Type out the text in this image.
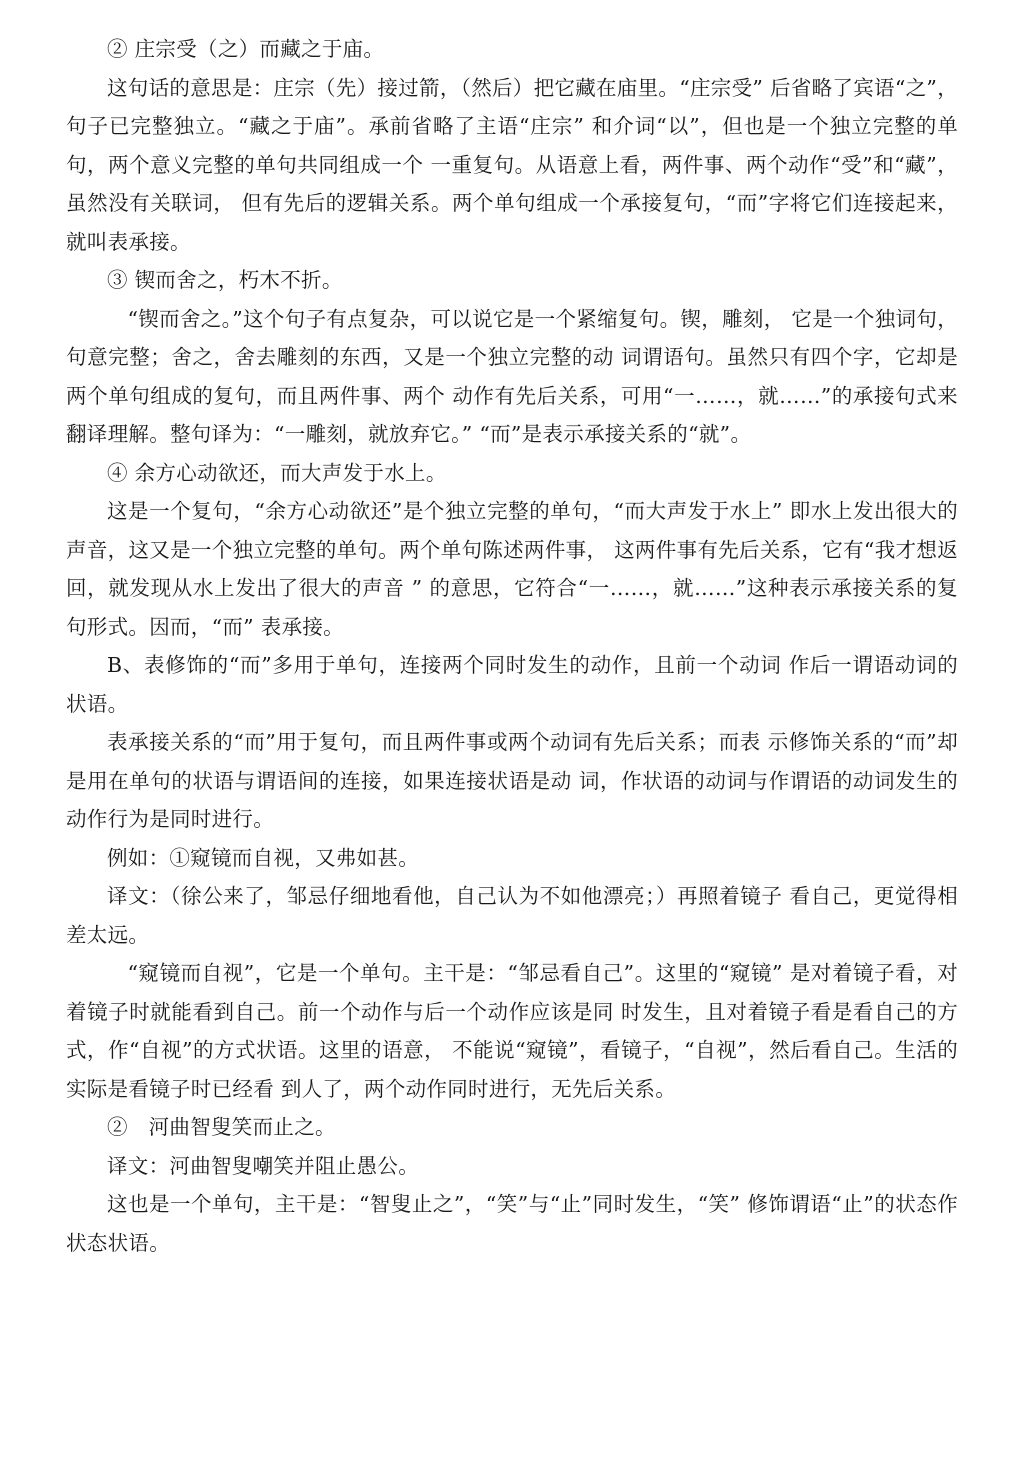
② 庄宗受（之）而藏之于庙。

这句话的意思是：庄宗（先）接过箭，（然后）把它藏在庙里。“庄宗受” 后省略了宾语“之”，句子已完整独立。“藏之于庙”。承前省略了主语“庄宗” 和介词“以”，但也是一个独立完整的单句，两个意义完整的单句共同组成一个 一重复句。从语意上看，两件事、两个动作“受”和“藏”，虽然没有关联词， 但有先后的逻辑关系。两个单句组成一个承接复句，“而”字将它们连接起来， 就叫表承接。

③ 锲而舍之，朽木不折。

“锲而舍之。”这个句子有点复杂，可以说它是一个紧缩复句。锲，雕刻， 它是一个独词句，句意完整；舍之，舍去雕刻的东西，又是一个独立完整的动 词谓语句。虽然只有四个字，它却是两个单句组成的复句，而且两件事、两个 动作有先后关系，可用“一……，就……”的承接句式来翻译理解。整句译为：“一雕刻，就放弃它。” “而”是表示承接关系的“就”。

④ 余方心动欲还，而大声发于水上。

这是一个复句，“余方心动欲还”是个独立完整的单句，“而大声发于水上” 即水上发出很大的声音，这又是一个独立完整的单句。两个单句陈述两件事， 这两件事有先后关系，它有“我才想返回，就发现从水上发出了很大的声音 ” 的意思，它符合“一……，就……”这种表示承接关系的复句形式。因而，“而” 表承接。

B、表修饰的“而”多用于单句，连接两个同时发生的动作，且前一个动词 作后一谓语动词的状语。

表承接关系的“而”用于复句，而且两件事或两个动词有先后关系；而表 示修饰关系的“而”却是用在单句的状语与谓语间的连接，如果连接状语是动 词，作状语的动词与作谓语的动词发生的动作行为是同时进行。

例如：①窥镜而自视，又弗如甚。

译文：（徐公来了，邹忌仔细地看他，自己认为不如他漂亮；）再照着镜子 看自己，更觉得相差太远。

“窥镜而自视”，它是一个单句。主干是：“邹忌看自己”。这里的“窥镜” 是对着镜子看，对着镜子时就能看到自己。前一个动作与后一个动作应该是同 时发生，且对着镜子看是看自己的方式，作“自视”的方式状语。这里的语意， 不能说“窥镜”，看镜子，“自视”，然后看自己。生活的实际是看镜子时已经看 到人了，两个动作同时进行，无先后关系。

②　河曲智叟笑而止之。

译文：河曲智叟嘲笑并阻止愚公。

这也是一个单句，主干是：“智叟止之”，“笑”与“止”同时发生，“笑” 修饰谓语“止”的状态作状态状语。
